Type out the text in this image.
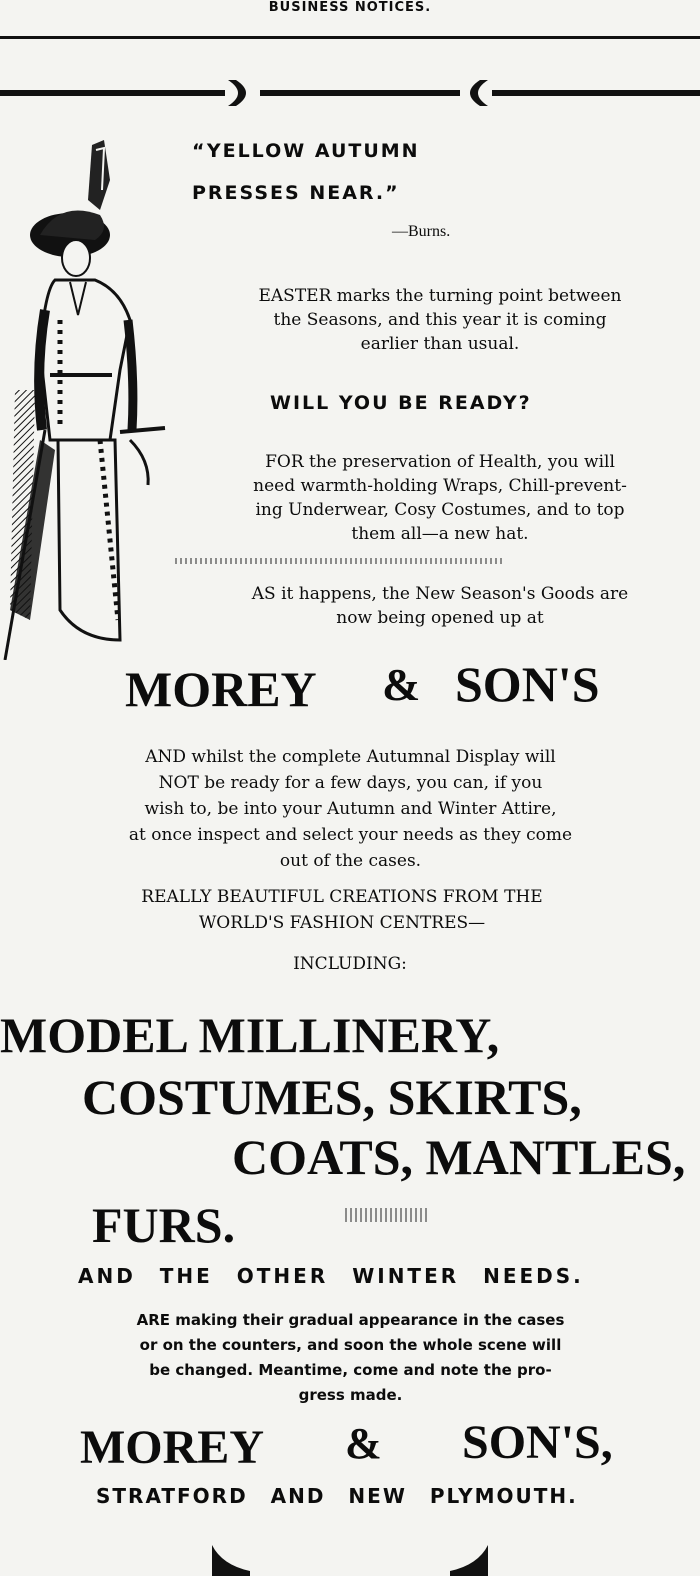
BUSINESS NOTICES.
“YELLOW AUTUMN
PRESSES NEAR.”
—Burns.
EASTER marks the turning point between
the Seasons, and this year it is coming
earlier than usual.
WILL YOU BE READY?
FOR the preservation of Health, you will
need warmth-holding Wraps, Chill-prevent-
ing Underwear, Cosy Costumes, and to top
them all—a new hat.
AS it happens, the New Season's Goods are
now being opened up at
MOREY & SON'S
AND whilst the complete Autumnal Display will
NOT be ready for a few days, you can, if you
wish to, be into your Autumn and Winter Attire,
at once inspect and select your needs as they come
out of the cases.
REALLY BEAUTIFUL CREATIONS FROM THE
WORLD'S FASHION CENTRES—
INCLUDING:
MODEL MILLINERY,
COSTUMES, SKIRTS,
COATS, MANTLES,
FURS.
AND THE OTHER WINTER NEEDS.
ARE making their gradual appearance in the cases
or on the counters, and soon the whole scene will
be changed. Meantime, come and note the pro-
gress made.
MOREY & SON'S,
STRATFORD AND NEW PLYMOUTH.
